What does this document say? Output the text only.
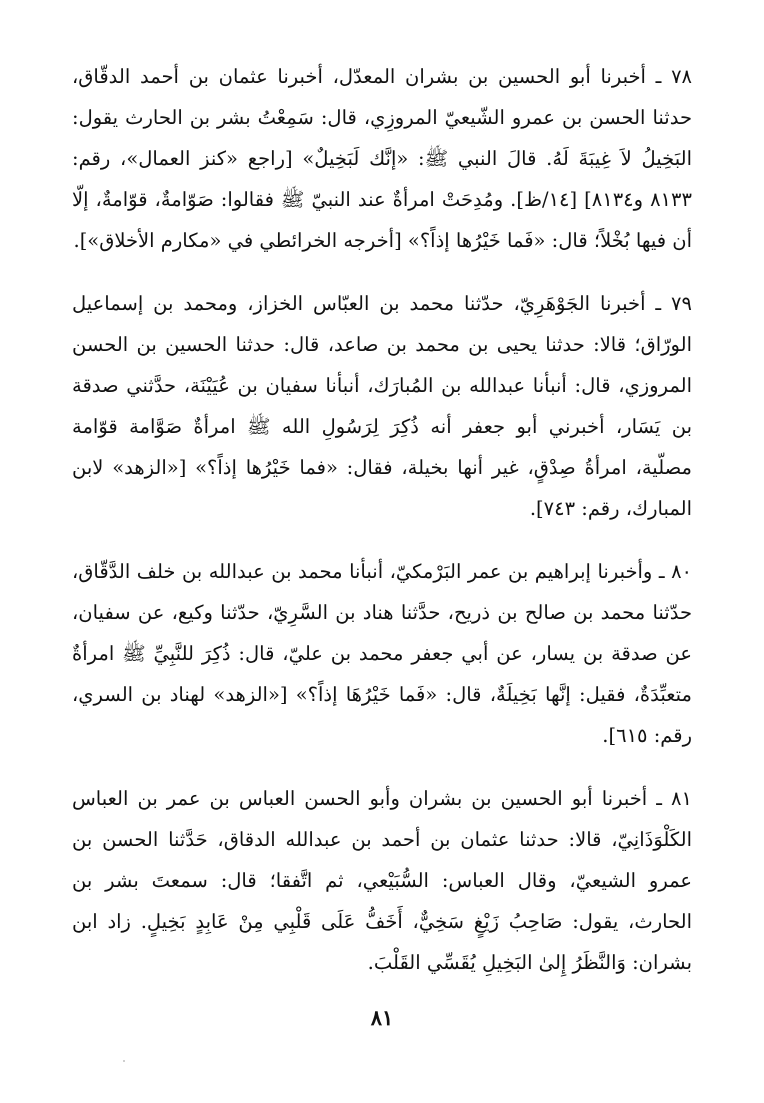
٧٨ ـ أخبرنا أبو الحسين بن بشران المعدّل، أخبرنا عثمان بن أحمد الدقّاق، حدثنا الحسن بن عمرو الشّيعيّ المروزِي، قال: سَمِعْتُ بشر بن الحارث يقول: البَخِيلُ لاَ غِيبَةَ لَهُ. قالَ النبي ﷺ: «إنَّك لَبَخِيلٌ» [راجع «كنز العمال»، رقم: ٨١٣٣ و٨١٣٤] [١٤/ظ]. ومُدِحَتْ امرأةٌ عند النبيّ ﷺ فقالوا: صَوّامةٌ، قوّامةٌ، إلّا أن فيها بُخْلاً؛ قال: «فَما خَيْرُها إذاً؟» [أخرجه الخرائطي في «مكارم الأخلاق»].

٧٩ ـ أخبرنا الجَوْهَرِيّ، حدّثنا محمد بن العبّاس الخزاز، ومحمد بن إسماعيل الورّاق؛ قالا: حدثنا يحيى بن محمد بن صاعد، قال: حدثنا الحسين بن الحسن المروزي، قال: أنبأنا عبدالله بن المُبارَك، أنبأنا سفيان بن عُيَيْنَة، حدَّثني صدقة بن يَسَار، أخبرني أبو جعفر أنه ذُكِرَ لِرَسُولِ الله ﷺ امرأةٌ صَوَّامة قوّامة مصلّية، امرأةُ صِدْقٍ، غير أنها بخيلة، فقال: «فما خَيْرُها إذاً؟» [«الزهد» لابن المبارك، رقم: ٧٤٣].

٨٠ ـ وأخبرنا إبراهيم بن عمر البَرْمكيّ، أنبأنا محمد بن عبدالله بن خلف الدَّقّاق، حدّثنا محمد بن صالح بن ذريح، حدَّثنا هناد بن السَّرِيّ، حدّثنا وكيع، عن سفيان، عن صدقة بن يسار، عن أبي جعفر محمد بن عليّ، قال: ذُكِرَ للنَّبِيِّ ﷺ امرأةٌ متعبِّدَةٌ، فقيل: إنَّها بَخِيلَةٌ، قال: «فَما خَيْرُهَا إذاً؟» [«الزهد» لهناد بن السري، رقم: ٦١٥].

٨١ ـ أخبرنا أبو الحسين بن بشران وأبو الحسن العباس بن عمر بن العباس الكَلْوَذَانِيّ، قالا: حدثنا عثمان بن أحمد بن عبدالله الدقاق، حَدَّثنا الحسن بن عمرو الشيعيّ، وقال العباس: السُّبَيْعي، ثم اتَّفقا؛ قال: سمعتَ بشر بن الحارث، يقول: صَاحِبُ زَيْغٍ سَخِيٌّ، أَخَفُّ عَلَى قَلْبِي مِنْ عَابِدٍ بَخِيلٍ. زاد ابن بشران: وَالنَّظَرُ إِلىٰ البَخِيلِ يُقَسِّي القَلْبَ.

٨١
